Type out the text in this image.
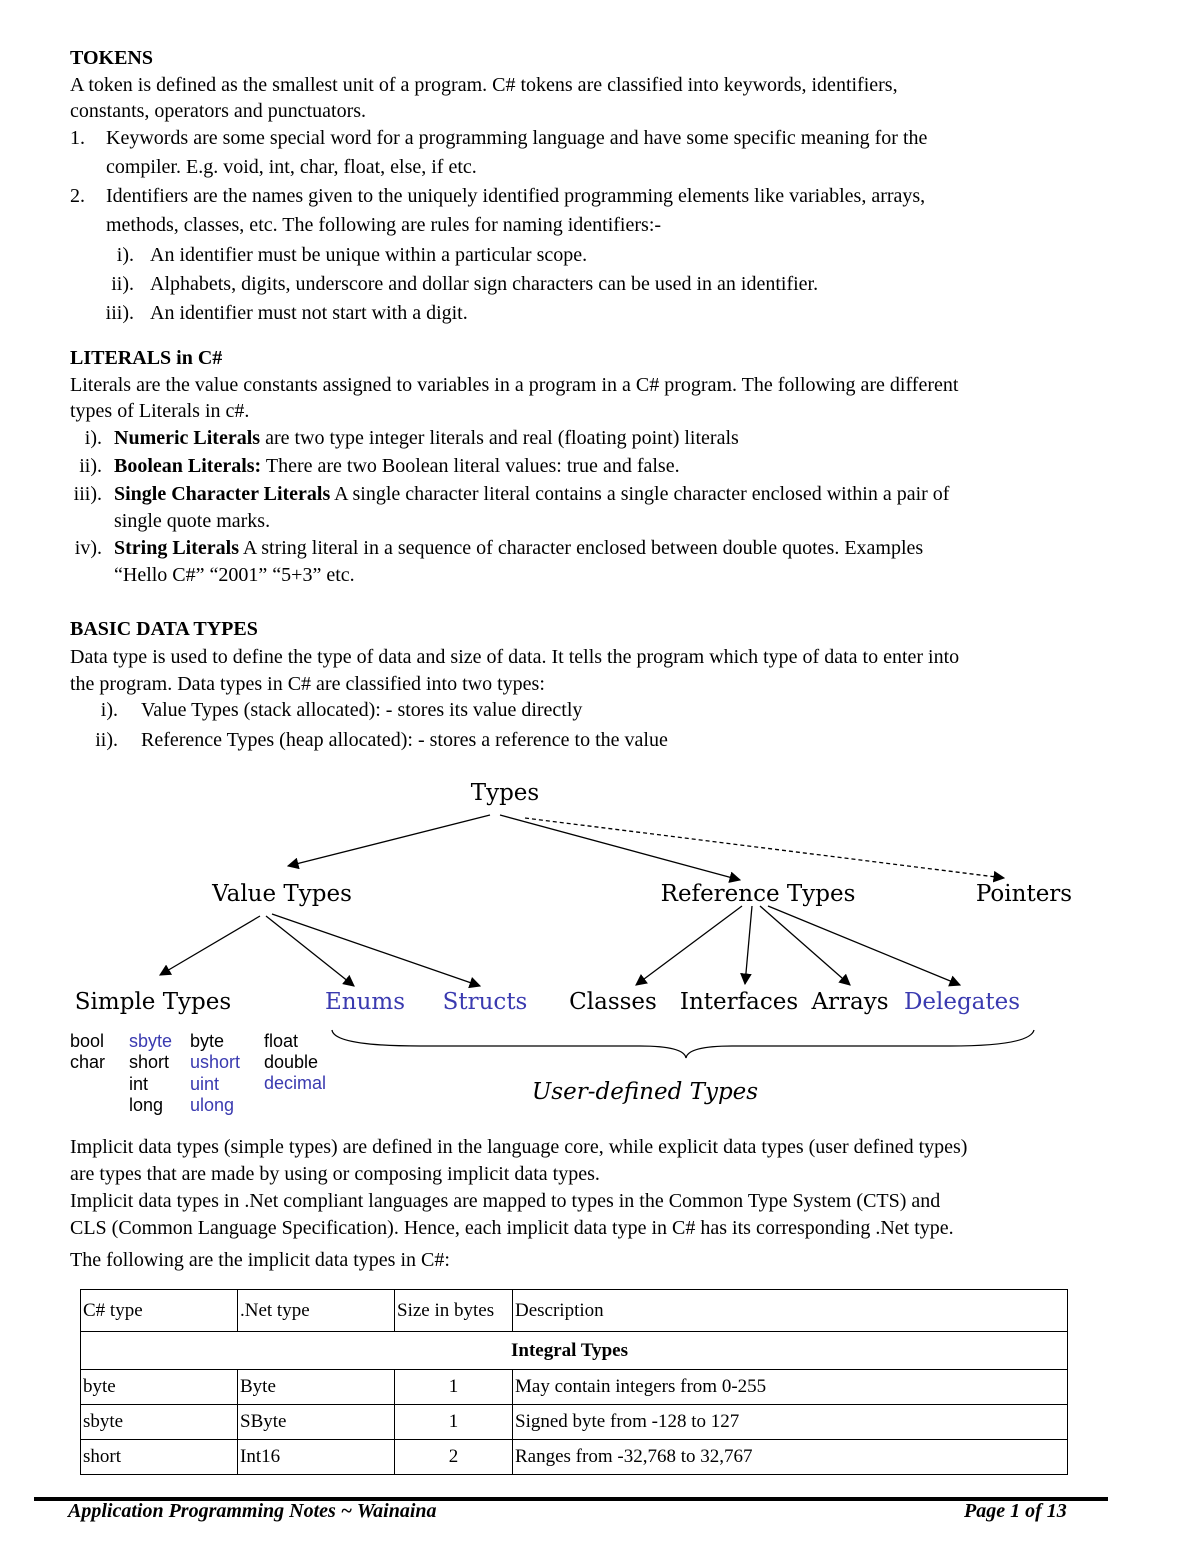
TOKENS
A token is defined as the smallest unit of a program. C# tokens are classified into keywords, identifiers,
constants, operators and punctuators.
1. Keywords are some special word for a programming language and have some specific meaning for the
compiler. E.g. void, int, char, float, else, if etc.
2. Identifiers are the names given to the uniquely identified programming elements like variables, arrays,
methods, classes, etc. The following are rules for naming identifiers:-
i). An identifier must be unique within a particular scope.
ii). Alphabets, digits, underscore and dollar sign characters can be used in an identifier.
iii). An identifier must not start with a digit.
LITERALS in C#
Literals are the value constants assigned to variables in a program in a C# program. The following are different
types of Literals in c#.
i). Numeric Literals are two type integer literals and real (floating point) literals
ii). Boolean Literals: There are two Boolean literal values: true and false.
iii). Single Character Literals A single character literal contains a single character enclosed within a pair of
single quote marks.
iv). String Literals A string literal in a sequence of character enclosed between double quotes. Examples
“Hello C#” “2001” “5+3” etc.
BASIC DATA TYPES
Data type is used to define the type of data and size of data. It tells the program which type of data to enter into
the program. Data types in C# are classified into two types:
i). Value Types (stack allocated): - stores its value directly
ii). Reference Types (heap allocated): - stores a reference to the value
Types
Value Types	Reference Types	Pointers
Simple Types	Enums Structs Classes Interfaces Arrays Delegates
User-defined Types
bool
char
sbyte
short
int
long
byte
ushort
uint
ulong
float
double
decimal
Implicit data types (simple types) are defined in the language core, while explicit data types (user defined types)
are types that are made by using or composing implicit data types.
Implicit data types in .Net compliant languages are mapped to types in the Common Type System (CTS) and
CLS (Common Language Specification). Hence, each implicit data type in C# has its corresponding .Net type.
The following are the implicit data types in C#:
C# type	.Net type	Size in bytes	Description
Integral Types			
byte	Byte	1	May contain integers from 0-255
sbyte	SByte	1	Signed byte from -128 to 127
short	Int16	2	Ranges from -32,768 to 32,767
Application Programming Notes ~ Wainaina	Page 1 of 13
